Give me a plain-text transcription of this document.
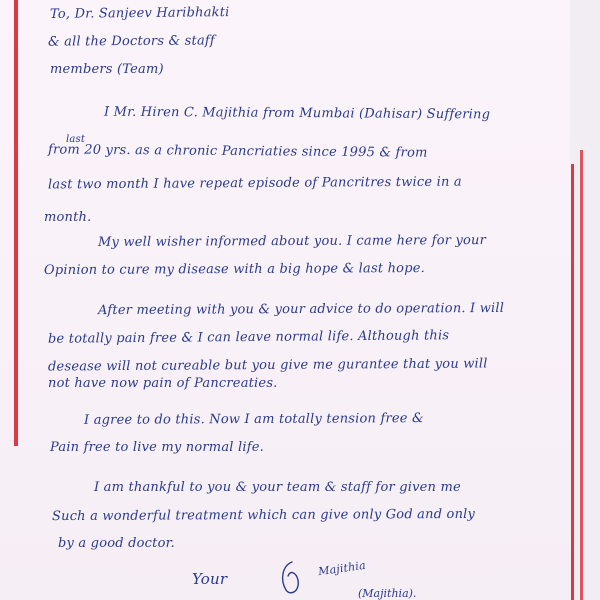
To, Dr. Sanjeev Haribhakti

& all the Doctors & staff

members (Team)

I Mr. Hiren C. Majithia from Mumbai (Dahisar) Suffering

last

from 20 yrs. as a chronic Pancriaties since 1995 & from

last two month I have repeat episode of Pancritres twice in a

month.

My well wisher informed about you. I came here for your

Opinion to cure my disease with a big hope & last hope.

After meeting with you & your advice to do operation. I will

be totally pain free & I can leave normal life. Although this

desease will not cureable but you give me gurantee that you will

not have now pain of Pancreaties.

I agree to do this. Now I am totally tension free &

Pain free to live my normal life.

I am thankful to you & your team & staff for given me

Such a wonderful treatment which can give only God and only

by a good doctor.

Your

Majithia

(Majithia).
